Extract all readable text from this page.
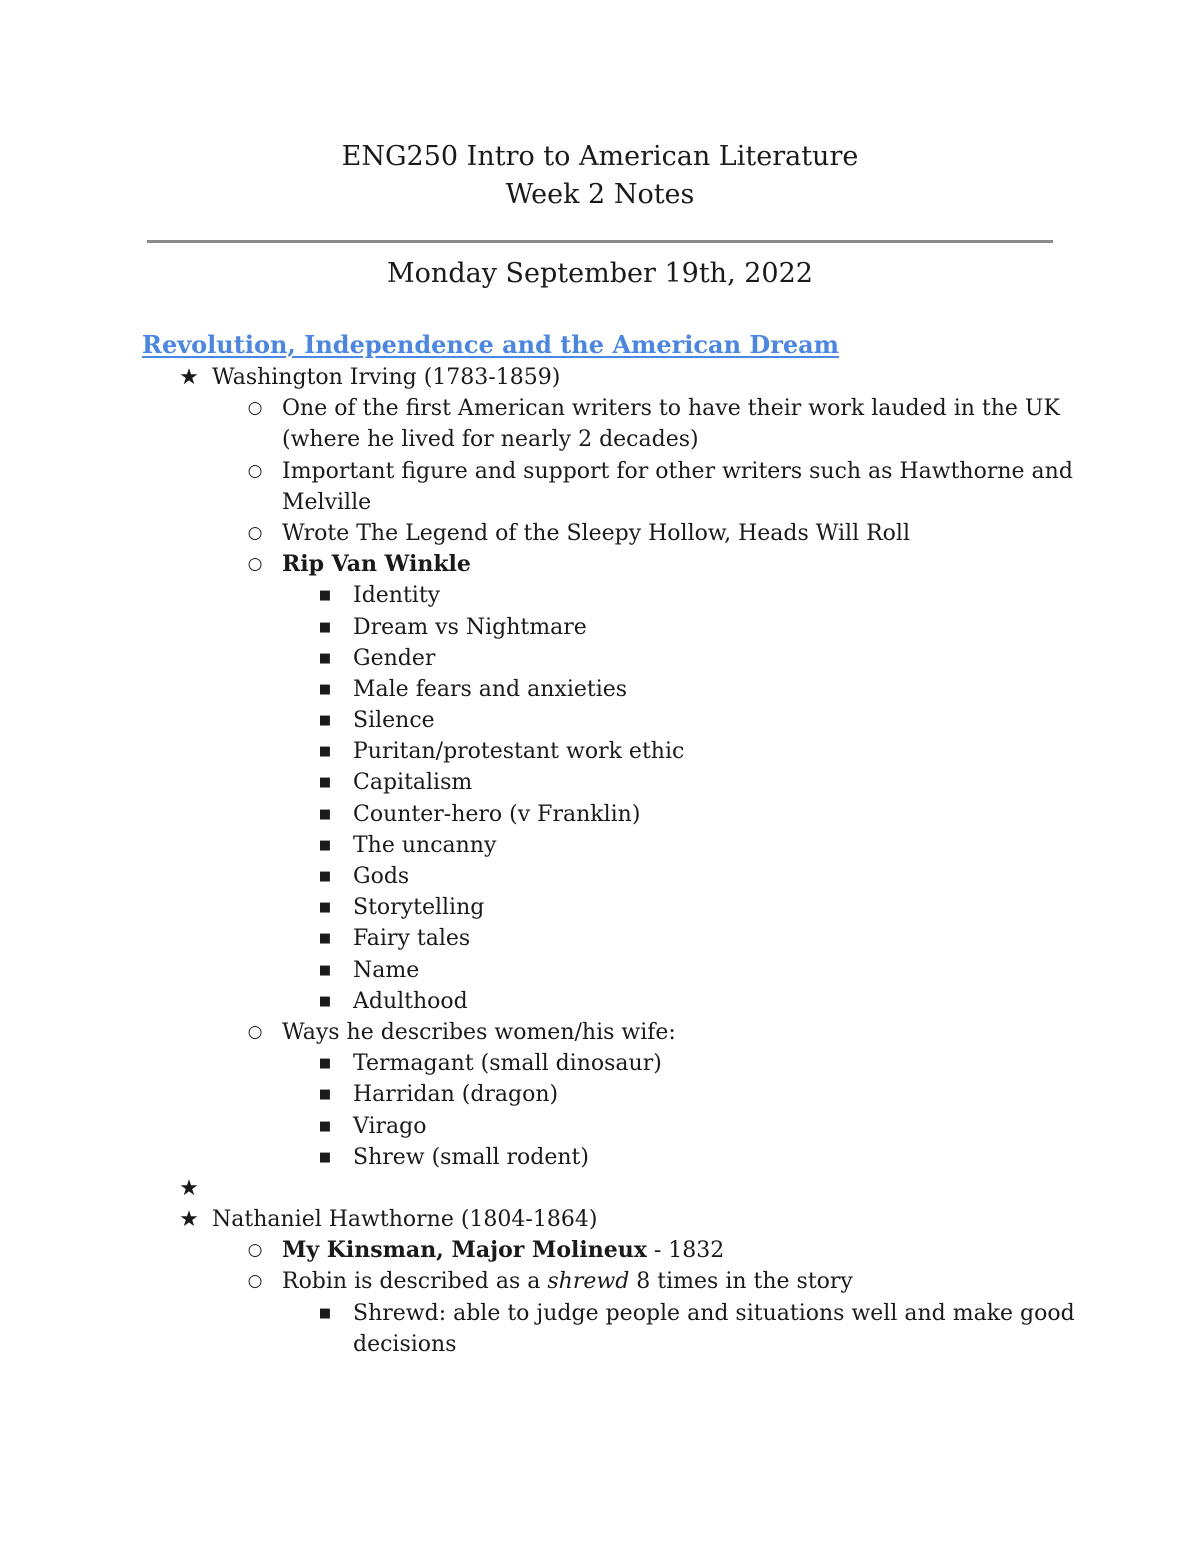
ENG250 Intro to American Literature
Week 2 Notes
Monday September 19th, 2022
Revolution, Independence and the American Dream
★ Washington Irving (1783-1859)
○ One of the first American writers to have their work lauded in the UK
(where he lived for nearly 2 decades)
○ Important figure and support for other writers such as Hawthorne and
Melville
○ Wrote The Legend of the Sleepy Hollow, Heads Will Roll
○ Rip Van Winkle
■ Identity
■ Dream vs Nightmare
■ Gender
■ Male fears and anxieties
■ Silence
■ Puritan/protestant work ethic
■ Capitalism
■ Counter-hero (v Franklin)
■ The uncanny
■ Gods
■ Storytelling
■ Fairy tales
■ Name
■ Adulthood
○ Ways he describes women/his wife:
■ Termagant (small dinosaur)
■ Harridan (dragon)
■ Virago
■ Shrew (small rodent)
★
★ Nathaniel Hawthorne (1804-1864)
○ My Kinsman, Major Molineux - 1832
○ Robin is described as a shrewd 8 times in the story
■ Shrewd: able to judge people and situations well and make good
decisions
